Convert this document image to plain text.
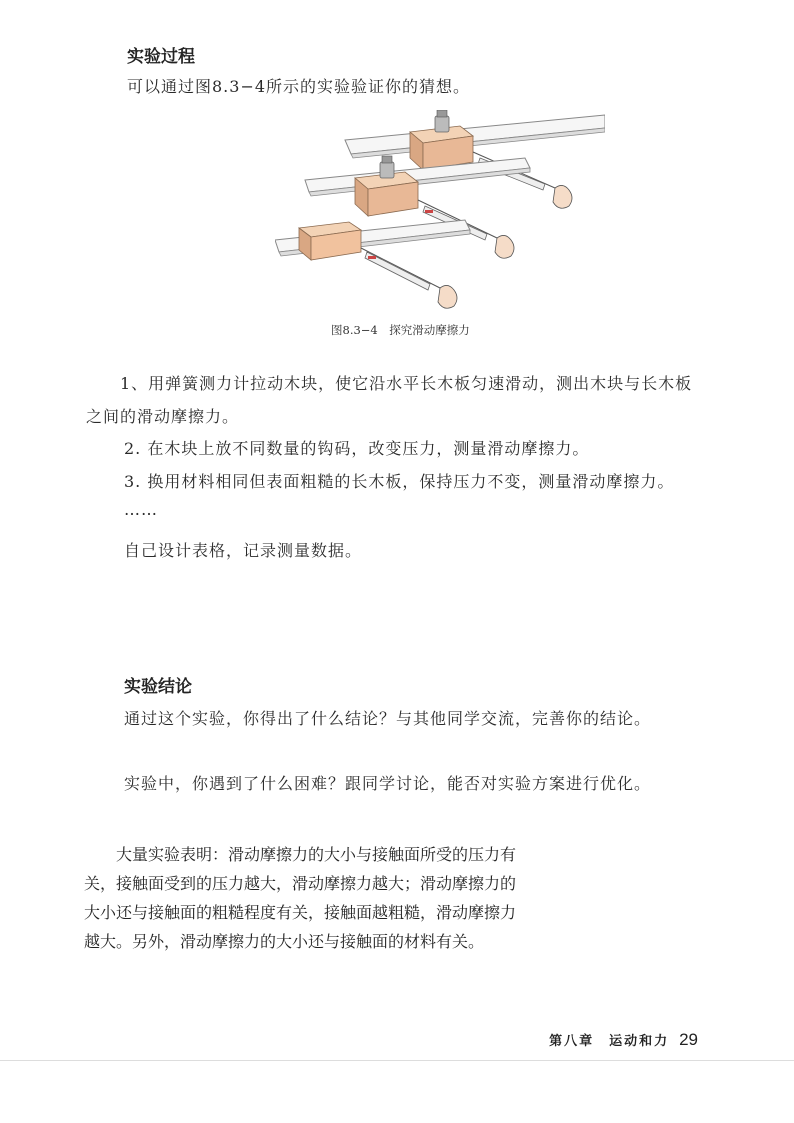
实验过程
可以通过图8.3−4所示的实验验证你的猜想。
图8.3−4　探究滑动摩擦力
1、用弹簧测力计拉动木块，使它沿水平长木板匀速滑动，测出木块与长木板
之间的滑动摩擦力。
2. 在木块上放不同数量的钩码，改变压力，测量滑动摩擦力。
3. 换用材料相同但表面粗糙的长木板，保持压力不变，测量滑动摩擦力。
……
自己设计表格，记录测量数据。
实验结论
通过这个实验，你得出了什么结论？与其他同学交流，完善你的结论。
实验中，你遇到了什么困难？跟同学讨论，能否对实验方案进行优化。
大量实验表明：滑动摩擦力的大小与接触面所受的压力有关，接触面受到的压力越大，滑动摩擦力越大；滑动摩擦力的大小还与接触面的粗糙程度有关，接触面越粗糙，滑动摩擦力越大。另外，滑动摩擦力的大小还与接触面的材料有关。
第八章　运动和力 29
